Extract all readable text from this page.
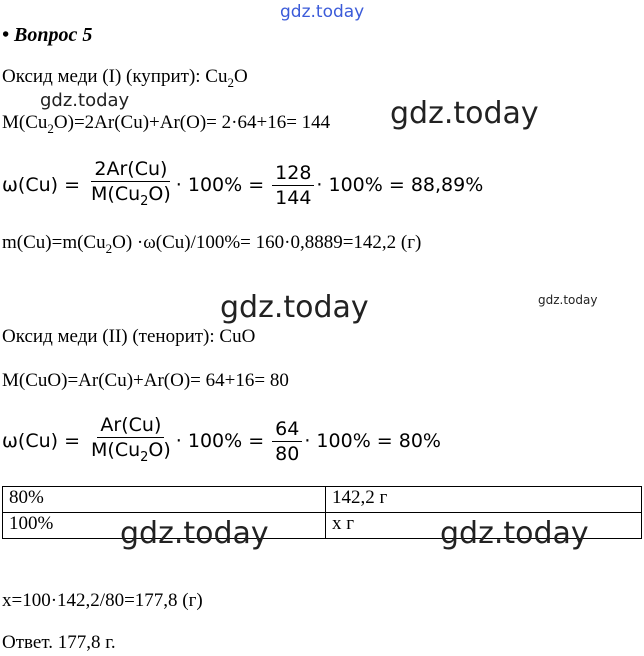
gdz.today
• Вопрос 5
Оксид меди (I) (куприт): $Cu_2O$
gdz.today
$M(Cu_2O)=2Ar(Cu)+Ar(O)= 2\cdot 64+16= 144$ gdz.today
$\omega(Cu) = \frac{2Ar(Cu)}{M(Cu_2O)} \cdot 100\% = \frac{128}{144} \cdot 100\% = 88,89\%$
$m(Cu)=m(Cu_2O) \cdot\omega(Cu)/100\%= 160\cdot 0,8889=142,2$ (г)
gdz.today	gdz.today
Оксид меди (II) (тенорит): CuO
M(CuO)=Ar(Cu)+Ar(O)= 64+16= 80
$\omega(Cu) = \frac{Ar(Cu)}{M(Cu_2O)} \cdot 100\% = \frac{64}{80} \cdot 100\% = 80\%$
80%	142,2 г
100%	х г
gdz.today	gdz.today
х=100·142,2/80=177,8 (г)
Ответ. 177,8 г.
